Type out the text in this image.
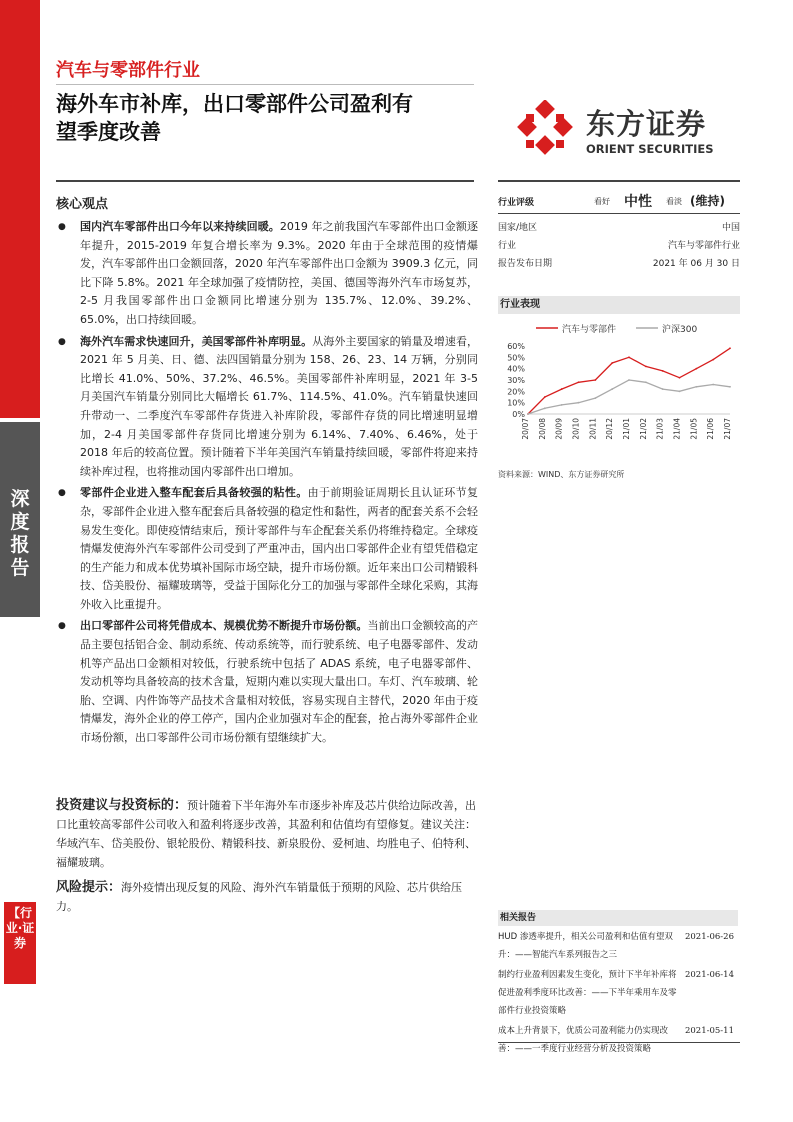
深
度
报
告
【行业·证券
汽车与零部件行业
海外车市补库，出口零部件公司盈利有
望季度改善	东方证券
ORIENT SECURITIES
核心观点
● 国内汽车零部件出口今年以来持续回暖。2019 年之前我国汽车零部件出口金额逐年提升，2015-2019 年复合增长率为 9.3%。2020 年由于全球范围的疫情爆发，汽车零部件出口金额回落，2020 年汽车零部件出口金额为 3909.3 亿元，同比下降 5.8%。2021 年全球加强了疫情防控，美国、德国等海外汽车市场复苏，2-5 月我国零部件出口金额同比增速分别为 135.7%、12.0%、39.2%、65.0%，出口持续回暖。
● 海外汽车需求快速回升，美国零部件补库明显。从海外主要国家的销量及增速看，2021 年 5 月美、日、德、法四国销量分别为 158、26、23、14 万辆，分别同比增长 41.0%、50%、37.2%、46.5%。美国零部件补库明显，2021 年 3-5 月美国汽车销量分别同比大幅增长 61.7%、114.5%、41.0%。汽车销量快速回升带动一、二季度汽车零部件存货进入补库阶段，零部件存货的同比增速明显增加，2-4 月美国零部件存货同比增速分别为 6.14%、7.40%、6.46%，处于 2018 年后的较高位置。预计随着下半年美国汽车销量持续回暖，零部件将迎来持续补库过程，也将推动国内零部件出口增加。
● 零部件企业进入整车配套后具备较强的粘性。由于前期验证周期长且认证环节复杂，零部件企业进入整车配套后具备较强的稳定性和黏性，两者的配套关系不会轻易发生变化。即使疫情结束后，预计零部件与车企配套关系仍将维持稳定。全球疫情爆发使海外汽车零部件公司受到了严重冲击，国内出口零部件企业有望凭借稳定的生产能力和成本优势填补国际市场空缺，提升市场份额。近年来出口公司精锻科技、岱美股份、福耀玻璃等，受益于国际化分工的加强与零部件全球化采购，其海外收入比重提升。
● 出口零部件公司将凭借成本、规模优势不断提升市场份额。当前出口金额较高的产品主要包括铝合金、制动系统、传动系统等，而行驶系统、电子电器零部件、发动机等产品出口金额相对较低，行驶系统中包括了 ADAS 系统，电子电器零部件、发动机等均具备较高的技术含量，短期内难以实现大量出口。车灯、汽车玻璃、轮胎、空调、内件饰等产品技术含量相对较低，容易实现自主替代，2020 年由于疫情爆发，海外企业的停工停产，国内企业加强对车企的配套，抢占海外零部件企业市场份额，出口零部件公司市场份额有望继续扩大。
投资建议与投资标的：预计随着下半年海外车市逐步补库及芯片供给边际改善，出口比重较高零部件公司收入和盈利将逐步改善，其盈利和估值均有望修复。建议关注：华域汽车、岱美股份、银轮股份、精锻科技、新泉股份、爱柯迪、均胜电子、伯特利、福耀玻璃。
风险提示：海外疫情出现反复的风险、海外汽车销量低于预期的风险、芯片供给压力。
行业评级	看好 中性 看淡 (维持)
国家/地区	中国
行业	汽车与零部件行业
报告发布日期	2021 年 06 月 30 日
行业表现
汽车与零部件	沪深300
0%
10%
20%
30%
40%
50%
60%
20/07 20/08 20/09 20/10 20/11 20/12 21/01 21/02 21/03 21/04 21/05 21/06 21/07
资料来源：WIND、东方证券研究所
相关报告
HUD 渗透率提升，相关公司盈利和估值有望双升：——智能汽车系列报告之三
2021-06-26
制约行业盈利因素发生变化，预计下半年补库将促进盈利季度环比改善：——下半年乘用车及零部件行业投资策略
2021-06-14
成本上升背景下，优质公司盈利能力仍实现改善：——一季度行业经营分析及投资策略
2021-05-11
